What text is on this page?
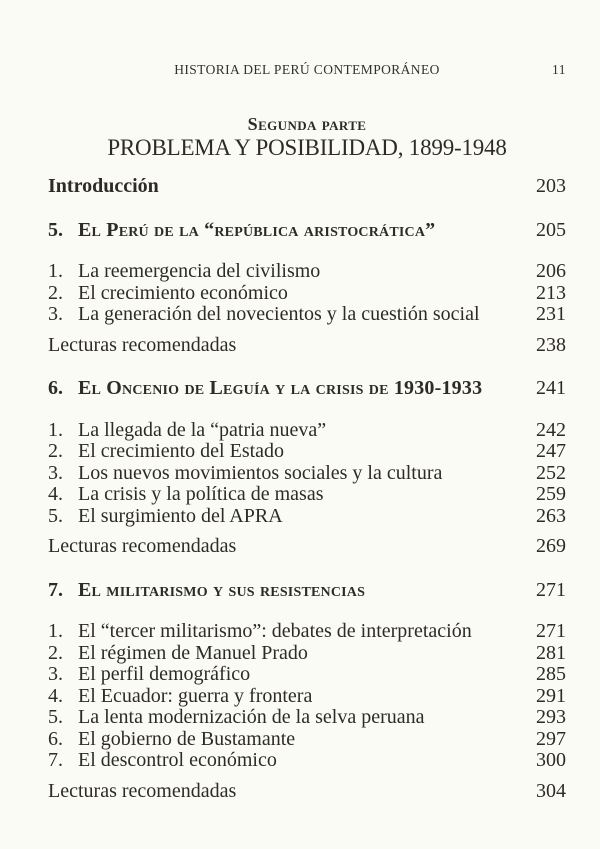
HISTORIA DEL PERÚ CONTEMPORÁNEO	11
Segunda parte
PROBLEMA Y POSIBILIDAD, 1899-1948
Introducción	203
5. El Perú de la “república aristocrática”	205
1. La reemergencia del civilismo	206
2. El crecimiento económico	213
3. La generación del novecientos y la cuestión social	231
Lecturas recomendadas	238
6. El Oncenio de Leguía y la crisis de 1930-1933	241
1. La llegada de la “patria nueva”	242
2. El crecimiento del Estado	247
3. Los nuevos movimientos sociales y la cultura	252
4. La crisis y la política de masas	259
5. El surgimiento del APRA	263
Lecturas recomendadas	269
7. El militarismo y sus resistencias	271
1. El “tercer militarismo”: debates de interpretación	271
2. El régimen de Manuel Prado	281
3. El perfil demográfico	285
4. El Ecuador: guerra y frontera	291
5. La lenta modernización de la selva peruana	293
6. El gobierno de Bustamante	297
7. El descontrol económico	300
Lecturas recomendadas	304
